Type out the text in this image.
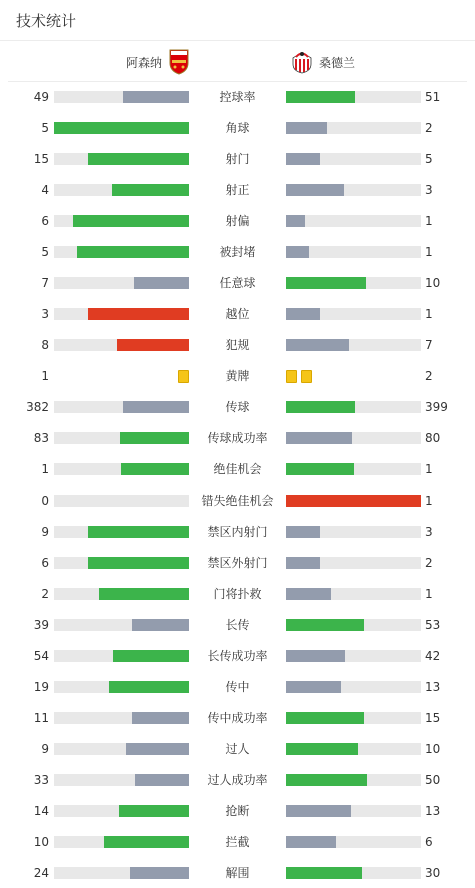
技术统计
阿森纳	桑德兰
49	控球率	51
5	角球	2
15	射门	5
4	射正	3
6	射偏	1
5	被封堵	1
7	任意球	10
3	越位	1
8	犯规	7
1	黄牌	2
382	传球	399
83	传球成功率	80
1	绝佳机会	1
0	错失绝佳机会	1
9	禁区内射门	3
6	禁区外射门	2
2	门将扑救	1
39	长传	53
54	长传成功率	42
19	传中	13
11	传中成功率	15
9	过人	10
33	过人成功率	50
14	抢断	13
10	拦截	6
24	解围	30
